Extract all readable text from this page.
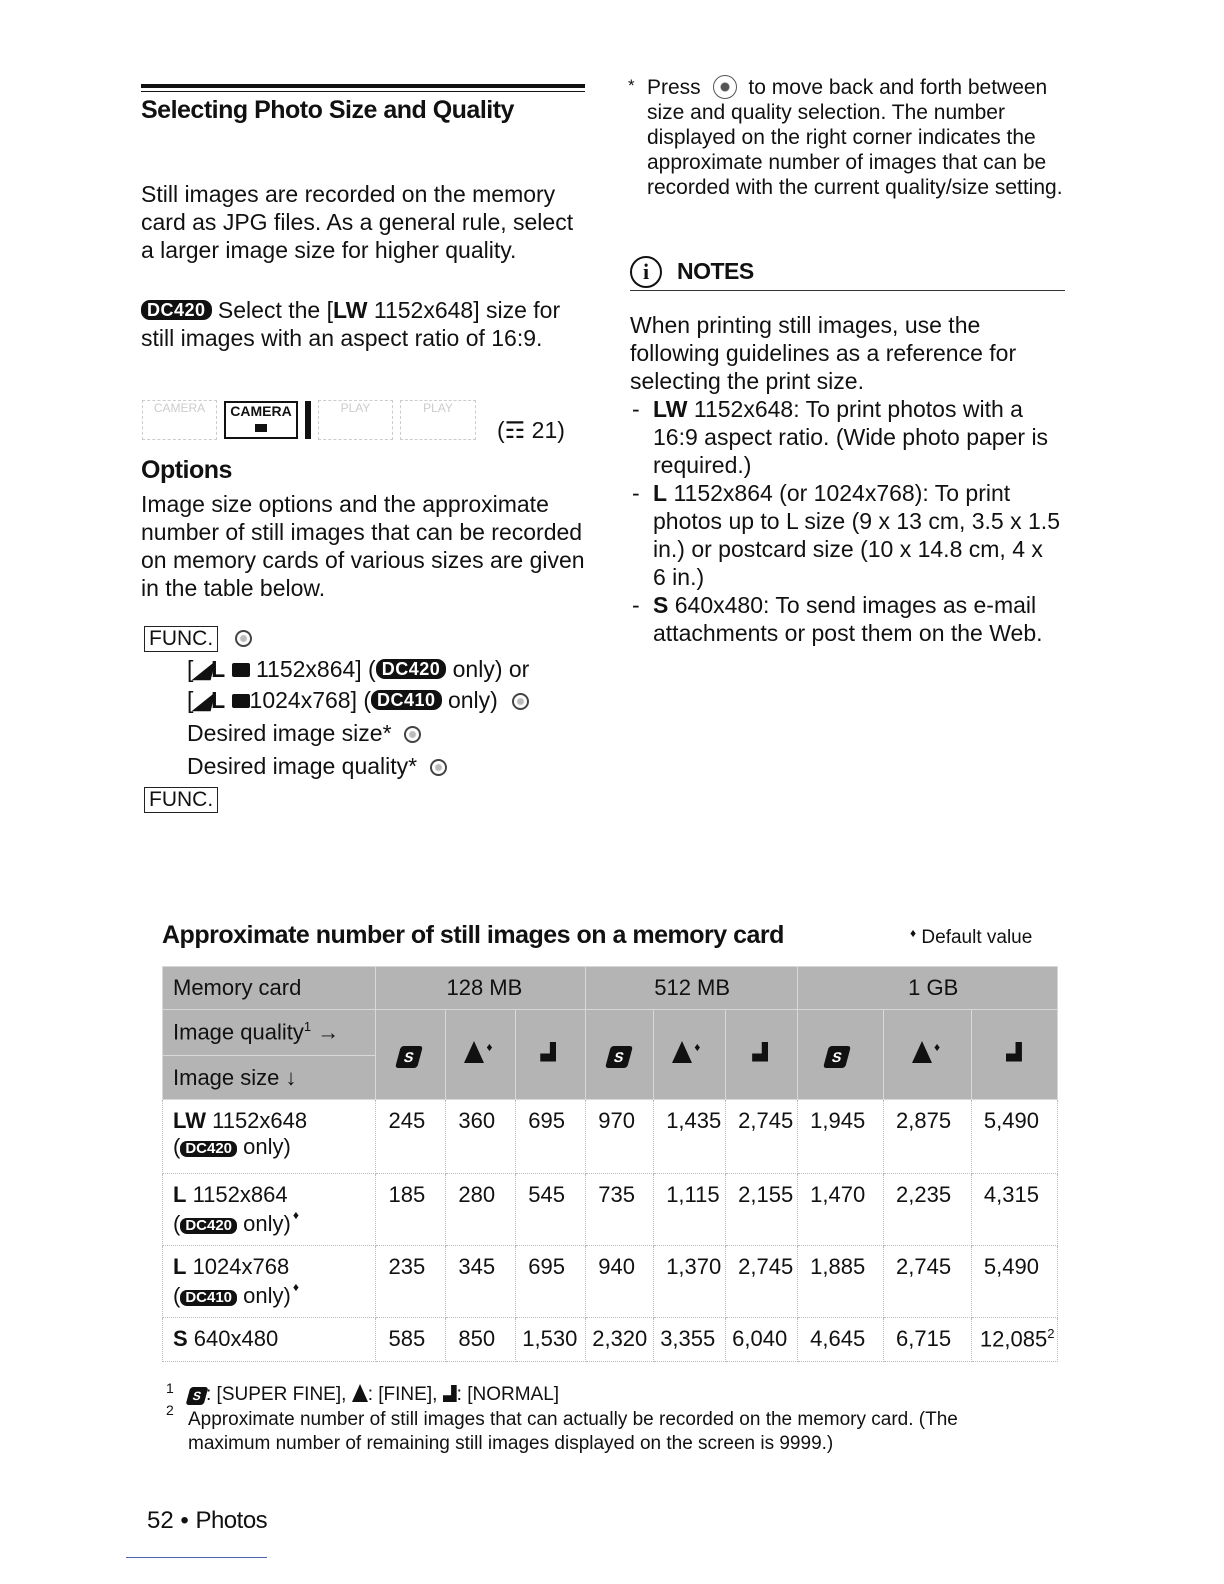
Selecting Photo Size and Quality
Still images are recorded on the memory card as JPG files. As a general rule, select a larger image size for higher quality.
DC420 Select the [LW 1152x648] size for still images with an aspect ratio of 16:9.
CAMERA	CAMERA	PLAY	PLAY
(☶ 21)
Options
Image size options and the approximate number of still images that can be recorded on memory cards of various sizes are given in the table below.
FUNC.
[◢L 1152x864] ( DC420 only) or
[◢L 1024x768] ( DC410 only)
Desired image size*
Desired image quality*
FUNC.
* Press to move back and forth between size and quality selection. The number displayed on the right corner indicates the approximate number of images that can be recorded with the current quality/size setting.
i	NOTES
When printing still images, use the following guidelines as a reference for selecting the print size.
- LW 1152x648: To print photos with a 16:9 aspect ratio. (Wide photo paper is required.)
- L 1152x864 (or 1024x768): To print photos up to L size (9 x 13 cm, 3.5 x 1.5 in.) or postcard size (10 x 14.8 cm, 4 x 6 in.)
- S 640x480: To send images as e-mail attachments or post them on the Web.
Approximate number of still images on a memory card	♦ Default value
Memory card	128 MB			512 MB			1 GB		
Image quality$^1$ →	S	♦		S	♦		S	♦	
Image size ↓									
LW 1152x648
( DC420 only)	245	360	695	970	1,435	2,745	1,945	2,875	5,490
L 1152x864
( DC420 only) ♦	185	280	545	735	1,115	2,155	1,470	2,235	4,315
L 1024x768
( DC410 only) ♦	235	345	695	940	1,370	2,745	1,885	2,745	5,490
S 640x480	585	850	1,530	2,320	3,355	6,040	4,645	6,715	12,085$^2$
1 S : [SUPER FINE], : [FINE], : [NORMAL]
2 Approximate number of still images that can actually be recorded on the memory card. (The maximum number of remaining still images displayed on the screen is 9999.)
52 • Photos
